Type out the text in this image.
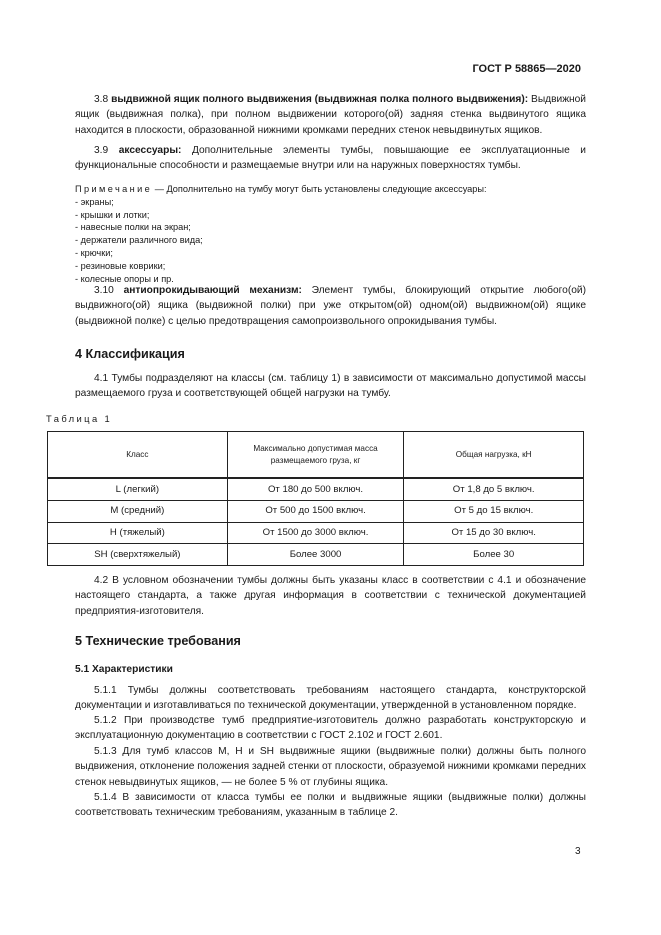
ГОСТ Р 58865—2020

3.8 выдвижной ящик полного выдвижения (выдвижная полка полного выдвижения): Выдвижной ящик (выдвижная полка), при полном выдвижении которого(ой) задняя стенка выдвинутого ящика находится в плоскости, образованной нижними кромками передних стенок невыдвинутых ящиков.

3.9 аксессуары: Дополнительные элементы тумбы, повышающие ее эксплуатационные и функциональные способности и размещаемые внутри или на наружных поверхностях тумбы.

Примечание — Дополнительно на тумбу могут быть установлены следующие аксессуары:
- экраны;
- крышки и лотки;
- навесные полки на экран;
- держатели различного вида;
- крючки;
- резиновые коврики;
- колесные опоры и пр.

3.10 антиопрокидывающий механизм: Элемент тумбы, блокирующий открытие любого(ой) выдвижного(ой) ящика (выдвижной полки) при уже открытом(ой) одном(ой) выдвижном(ой) ящике (выдвижной полке) с целью предотвращения самопроизвольного опрокидывания тумбы.

4 Классификация

4.1 Тумбы подразделяют на классы (см. таблицу 1) в зависимости от максимально допустимой массы размещаемого груза и соответствующей общей нагрузки на тумбу.

Таблица 1
Класс	Максимально допустимая масса размещаемого груза, кг	Общая нагрузка, кН
L (легкий)	От 180 до 500 включ.	От 1,8 до 5 включ.
M (средний)	От 500 до 1500 включ.	От 5 до 15 включ.
H (тяжелый)	От 1500 до 3000 включ.	От 15 до 30 включ.
SH (сверхтяжелый)	Более 3000	Более 30

4.2 В условном обозначении тумбы должны быть указаны класс в соответствии с 4.1 и обозначение настоящего стандарта, а также другая информация в соответствии с технической документацией предприятия-изготовителя.

5 Технические требования
5.1 Характеристики

5.1.1 Тумбы должны соответствовать требованиям настоящего стандарта, конструкторской документации и изготавливаться по технической документации, утвержденной в установленном порядке.

5.1.2 При производстве тумб предприятие-изготовитель должно разработать конструкторскую и эксплуатационную документацию в соответствии с ГОСТ 2.102 и ГОСТ 2.601.

5.1.3 Для тумб классов M, H и SH выдвижные ящики (выдвижные полки) должны быть полного выдвижения, отклонение положения задней стенки от плоскости, образуемой нижними кромками передних стенок невыдвинутых ящиков, — не более 5 % от глубины ящика.

5.1.4 В зависимости от класса тумбы ее полки и выдвижные ящики (выдвижные полки) должны соответствовать техническим требованиям, указанным в таблице 2.

3
